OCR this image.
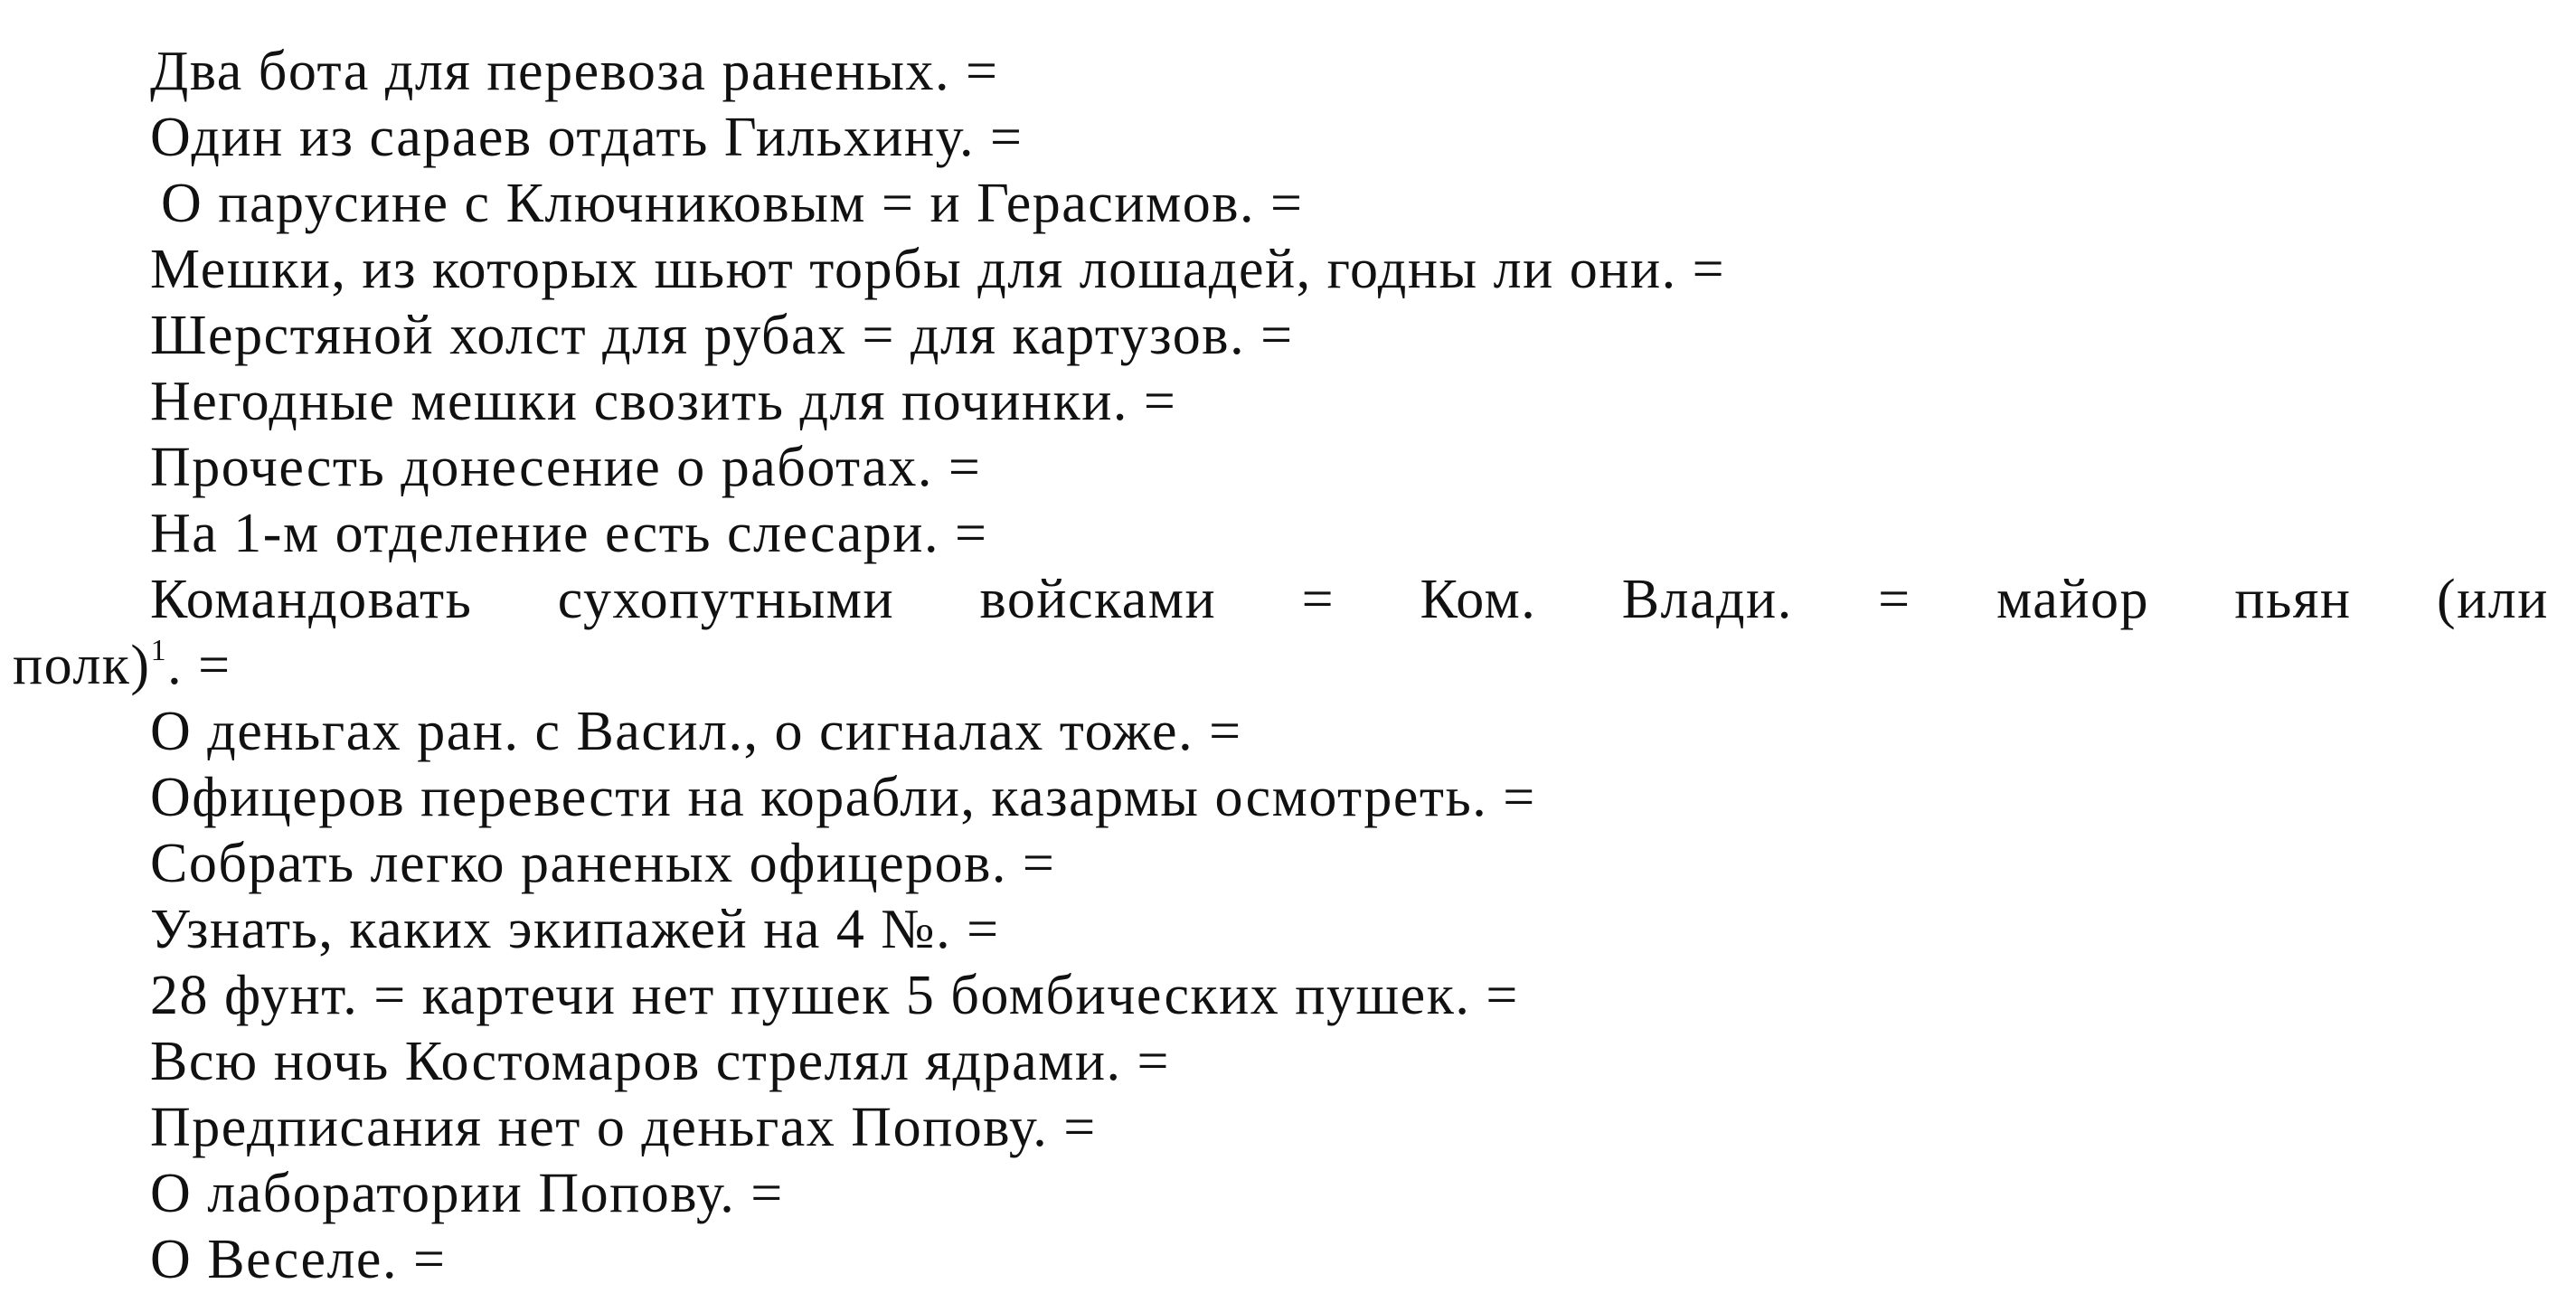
Два бота для перевоза раненых. =
Один из сараев отдать Гильхину. =
О парусине с Ключниковым = и Герасимов. =
Мешки, из которых шьют торбы для лошадей, годны ли они. =
Шерстяной холст для рубах = для картузов. =
Негодные мешки свозить для починки. =
Прочесть донесение о работах. =
На 1-м отделение есть слесари. =
Командовать сухопутными войсками = Ком. Влади. = майор пьян (или
полк)$^1$. =
О деньгах ран. с Васил., о сигналах тоже. =
Офицеров перевести на корабли, казармы осмотреть. =
Собрать легко раненых офицеров. =
Узнать, каких экипажей на 4 №. =
28 фунт. = картечи нет пушек 5 бомбических пушек. =
Всю ночь Костомаров стрелял ядрами. =
Предписания нет о деньгах Попову. =
О лаборатории Попову. =
О Веселе. =
